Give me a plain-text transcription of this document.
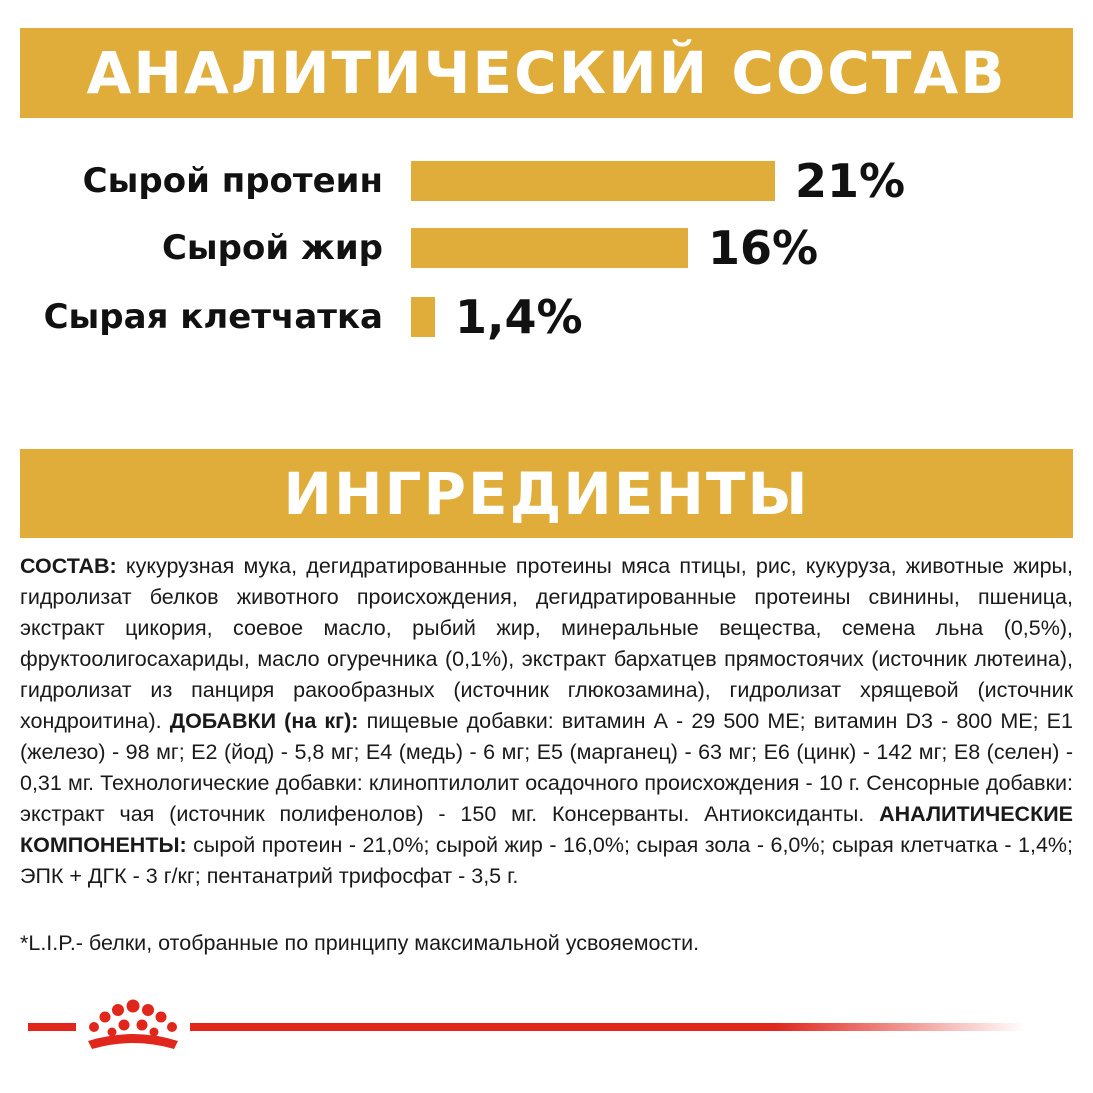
АНАЛИТИЧЕСКИЙ СОСТАВ
Сырой протеин	21%
Сырой жир	16%
Сырая клетчатка 1,4%
ИНГРЕДИЕНТЫ
СОСТАВ: кукурузная мука, дегидратированные протеины мяса птицы, рис, кукуруза, животные жиры, гидролизат белков животного происхождения, дегидратированные протеины свинины, пшеница, экстракт цикория, соевое масло, рыбий жир, минеральные вещества, семена льна (0,5%), фруктоолигосахариды, масло огуречника (0,1%), экстракт бархатцев прямостоячих (источник лютеина), гидролизат из панциря ракообразных (источник глюкозамина), гидролизат хрящевой (источник хондроитина). ДОБАВКИ (на кг): пищевые добавки: витамин А - 29 500 МЕ; витамин D3 - 800 МЕ; Е1 (железо) - 98 мг; Е2 (йод) - 5,8 мг; Е4 (медь) - 6 мг; Е5 (марганец) - 63 мг; Е6 (цинк) - 142 мг; Е8 (селен) - 0,31 мг. Технологические добавки: клиноптилолит осадочного происхождения - 10 г. Сенсорные добавки: экстракт чая (источник полифенолов) - 150 мг. Консерванты. Антиоксиданты. АНАЛИТИЧЕСКИЕ КОМПОНЕНТЫ: сырой протеин - 21,0%; сырой жир - 16,0%; сырая зола - 6,0%; сырая клетчатка - 1,4%; ЭПК + ДГК - 3 г/кг; пентанатрий трифосфат - 3,5 г.
*L.I.P.- белки, отобранные по принципу максимальной усвояемости.
